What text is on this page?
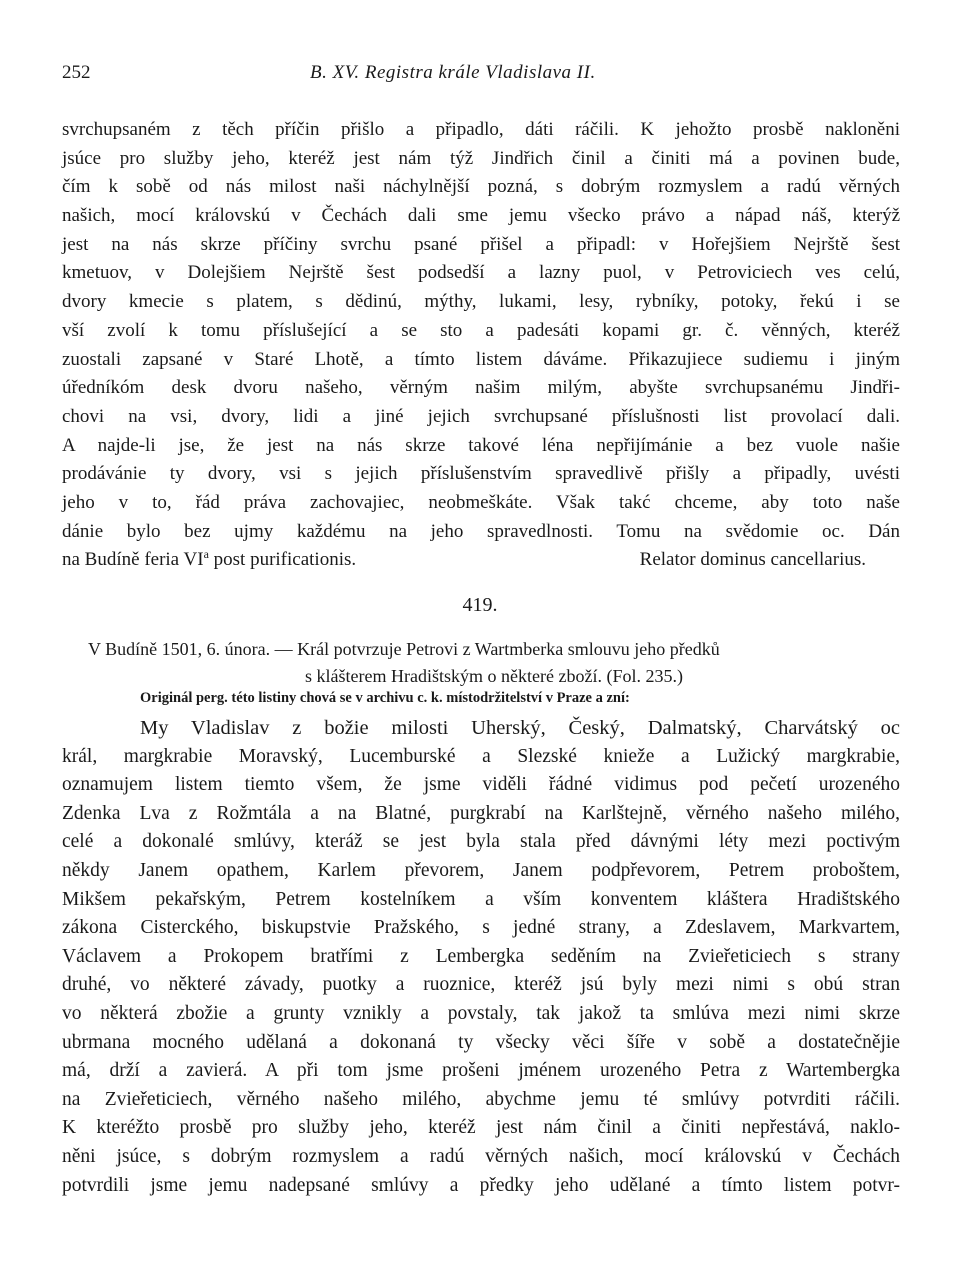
252	B. XV. Registra krále Vladislava II.
svrchupsaném z těch příčin přišlo a připadlo, dáti ráčili. K jehožto prosbě nakloněni
jsúce pro služby jeho, kteréž jest nám týž Jindřich činil a činiti má a povinen bude,
čím k sobě od nás milost naši náchylnější pozná, s dobrým rozmyslem a radú věrných
našich, mocí královskú v Čechách dali sme jemu všecko právo a nápad náš, kterýž
jest na nás skrze příčiny svrchu psané přišel a připadl: v Hořejšiem Nejrště šest
kmetuov, v Dolejšiem Nejrště šest podsedší a lazny puol, v Petroviciech ves celú,
dvory kmecie s platem, s dědinú, mýthy, lukami, lesy, rybníky, potoky, řekú i se
vší zvolí k tomu příslušející a se sto a padesáti kopami gr. č. věnných, kteréž
zuostali zapsané v Staré Lhotě, a tímto listem dáváme. Přikazujiece sudiemu i jiným
úředníkóm desk dvoru našeho, věrným našim milým, abyšte svrchupsanému Jindři-
chovi na vsi, dvory, lidi a jiné jejich svrchupsané příslušnosti list provolací dali.
A najde-li jse, že jest na nás skrze takové léna nepřijímánie a bez vuole našie
prodávánie ty dvory, vsi s jejich příslušenstvím spravedlivě přišly a připadly, uvésti
jeho v to, řád práva zachovajiec, neobmeškáte. Však takć chceme, aby toto naše
dánie bylo bez ujmy každému na jeho spravedlnosti. Tomu na svědomie oc. Dán
na Budíně feria $VI^a$ post purificationis.	Relator dominus cancellarius.
419.
V Budíně 1501, 6. února. — Král potvrzuje Petrovi z Wartmberka smlouvu jeho předků
s klášterem Hradištským o některé zboží. (Fol. 235.)
Originál perg. této listiny chová se v archivu c. k. místodržitelství v Praze a zní:
My Vladislav z božie milosti Uherský, Český, Dalmatský, Charvátský oc
král, margkrabie Moravský, Lucemburské a Slezské knieže a Lužický margkrabie,
oznamujem listem tiemto všem, že jsme viděli řádné vidimus pod pečetí urozeného
Zdenka Lva z Rožmtála a na Blatné, purgkrabí na Karlštejně, věrného našeho milého,
celé a dokonalé smlúvy, kteráž se jest byla stala před dávnými léty mezi poctivým
někdy Janem opathem, Karlem převorem, Janem podpřevorem, Petrem proboštem,
Mikšem pekařským, Petrem kostelníkem a vším konventem kláštera Hradištského
zákona Cisterckého, biskupstvie Pražského, s jedné strany, a Zdeslavem, Markvartem,
Václavem a Prokopem bratřími z Lembergka seděním na Zvieřeticiech s strany
druhé, vo některé závady, puotky a ruoznice, kteréž jsú byly mezi nimi s obú stran
vo některá zbožie a grunty vznikly a povstaly, tak jakož ta smlúva mezi nimi skrze
ubrmana mocného udělaná a dokonaná ty všecky věci šíře v sobě a dostatečnějie
má, drží a zavierá. A při tom jsme prošeni jménem urozeného Petra z Wartembergka
na Zvieřeticiech, věrného našeho milého, abychme jemu té smlúvy potvrditi ráčili.
K kteréžto prosbě pro služby jeho, kteréž jest nám činil a činiti nepřestává, naklo-
něni jsúce, s dobrým rozmyslem a radú věrných našich, mocí královskú v Čechách
potvrdili jsme jemu nadepsané smlúvy a předky jeho udělané a tímto listem potvr-
